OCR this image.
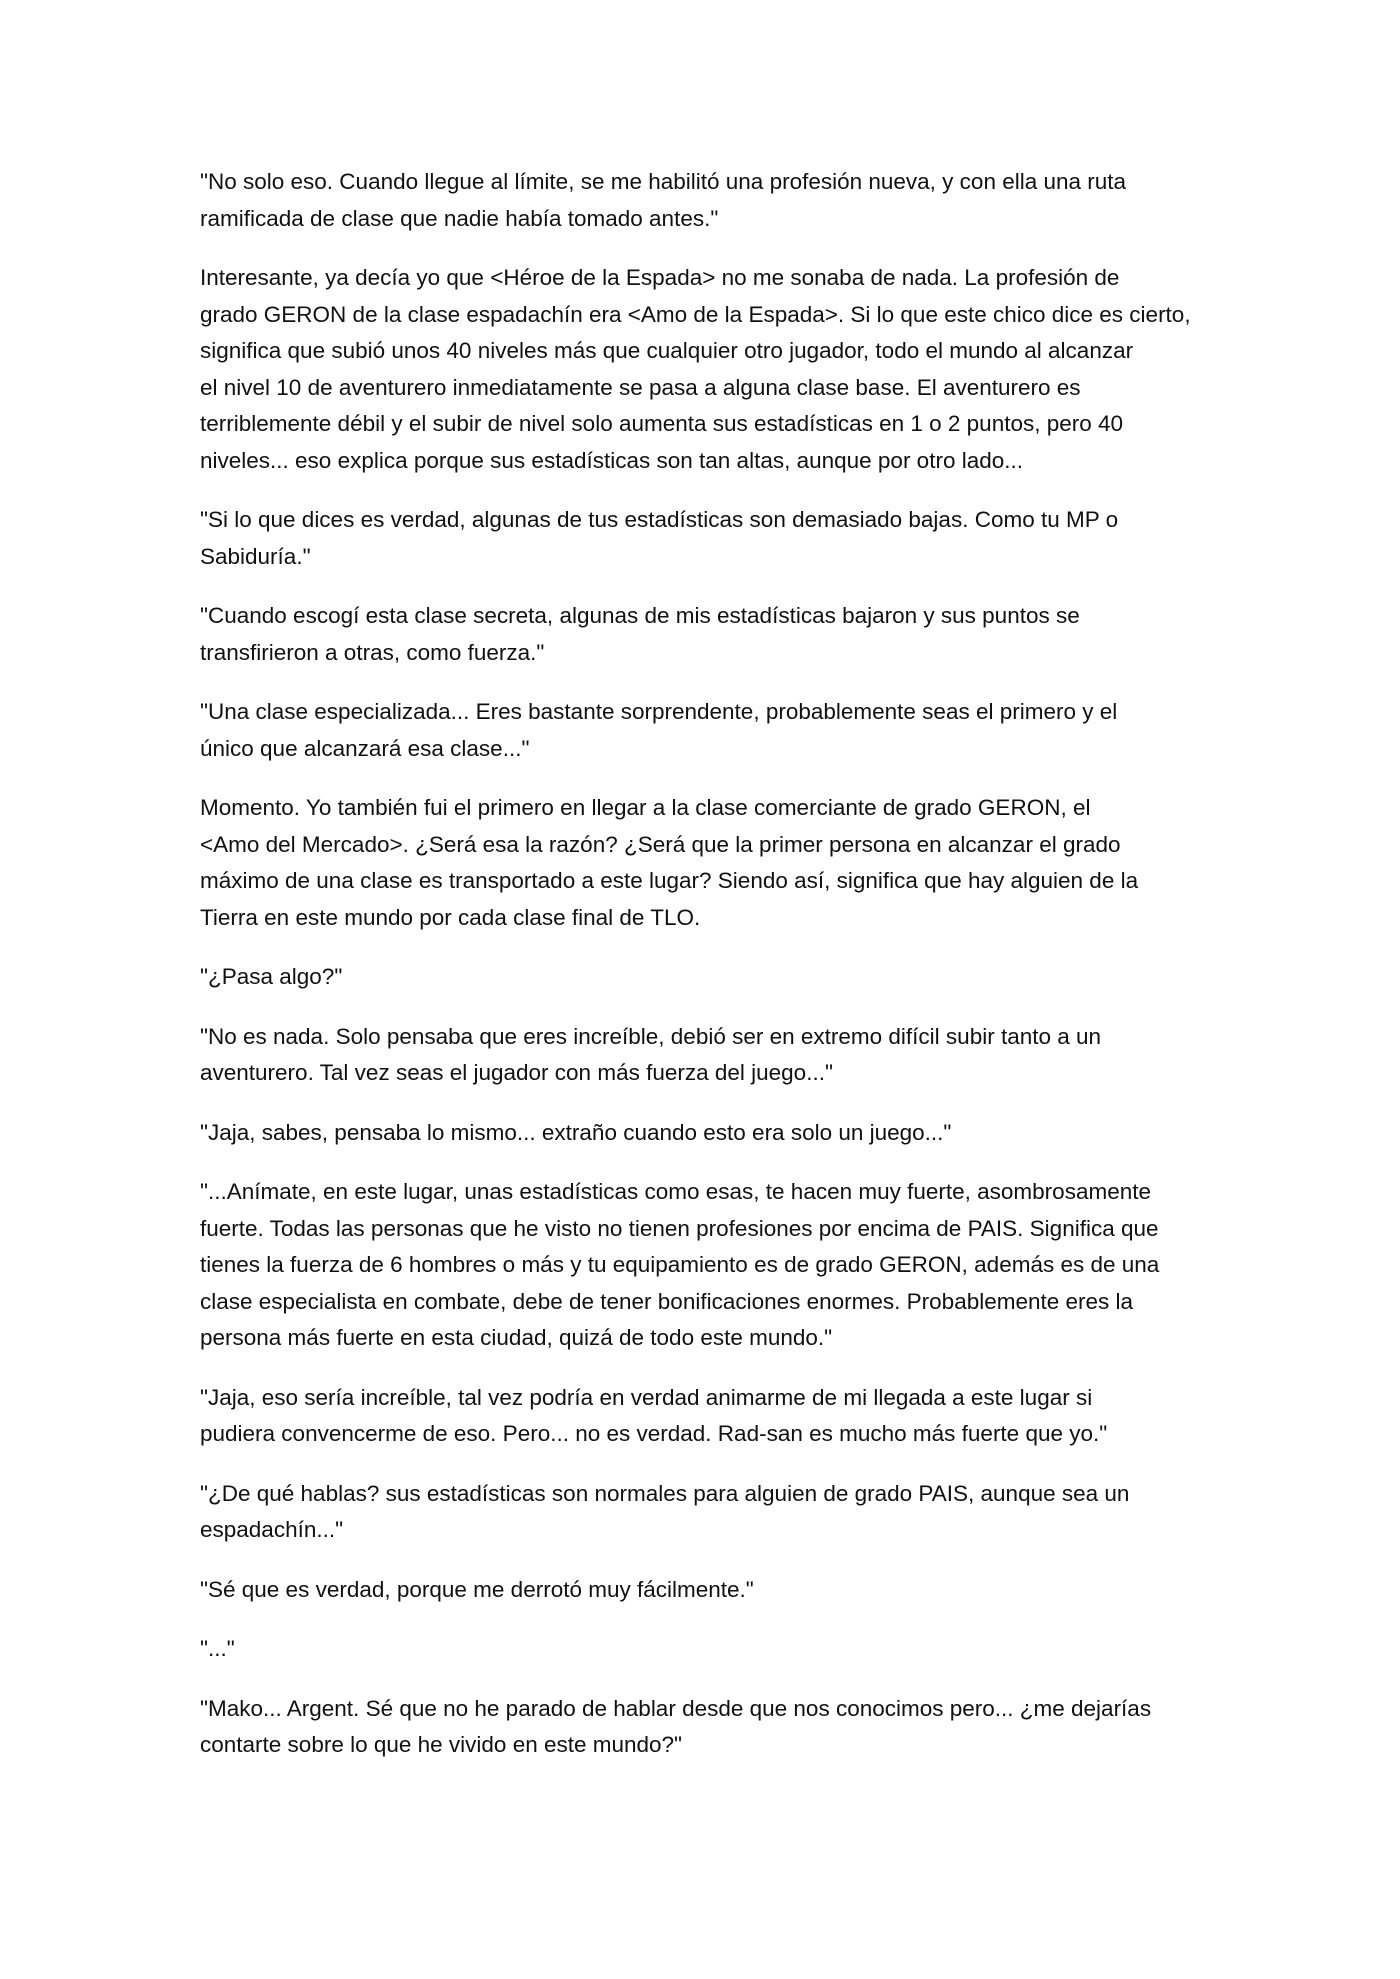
"No solo eso. Cuando llegue al límite, se me habilitó una profesión nueva, y con ella una ruta
ramificada de clase que nadie había tomado antes."

Interesante, ya decía yo que <Héroe de la Espada> no me sonaba de nada. La profesión de
grado GERON de la clase espadachín era <Amo de la Espada>. Si lo que este chico dice es cierto,
significa que subió unos 40 niveles más que cualquier otro jugador, todo el mundo al alcanzar
el nivel 10 de aventurero inmediatamente se pasa a alguna clase base. El aventurero es
terriblemente débil y el subir de nivel solo aumenta sus estadísticas en 1 o 2 puntos, pero 40
niveles... eso explica porque sus estadísticas son tan altas, aunque por otro lado...

"Si lo que dices es verdad, algunas de tus estadísticas son demasiado bajas. Como tu MP o
Sabiduría."

"Cuando escogí esta clase secreta, algunas de mis estadísticas bajaron y sus puntos se
transfirieron a otras, como fuerza."

"Una clase especializada... Eres bastante sorprendente, probablemente seas el primero y el
único que alcanzará esa clase..."

Momento. Yo también fui el primero en llegar a la clase comerciante de grado GERON, el
<Amo del Mercado>. ¿Será esa la razón? ¿Será que la primer persona en alcanzar el grado
máximo de una clase es transportado a este lugar? Siendo así, significa que hay alguien de la
Tierra en este mundo por cada clase final de TLO.

"¿Pasa algo?"

"No es nada. Solo pensaba que eres increíble, debió ser en extremo difícil subir tanto a un
aventurero. Tal vez seas el jugador con más fuerza del juego..."

"Jaja, sabes, pensaba lo mismo... extraño cuando esto era solo un juego..."

"...Anímate, en este lugar, unas estadísticas como esas, te hacen muy fuerte, asombrosamente
fuerte. Todas las personas que he visto no tienen profesiones por encima de PAIS. Significa que
tienes la fuerza de 6 hombres o más y tu equipamiento es de grado GERON, además es de una
clase especialista en combate, debe de tener bonificaciones enormes. Probablemente eres la
persona más fuerte en esta ciudad, quizá de todo este mundo."

"Jaja, eso sería increíble, tal vez podría en verdad animarme de mi llegada a este lugar si
pudiera convencerme de eso. Pero... no es verdad. Rad-san es mucho más fuerte que yo."

"¿De qué hablas? sus estadísticas son normales para alguien de grado PAIS, aunque sea un
espadachín..."

"Sé que es verdad, porque me derrotó muy fácilmente."

"..."

"Mako... Argent. Sé que no he parado de hablar desde que nos conocimos pero... ¿me dejarías
contarte sobre lo que he vivido en este mundo?"
